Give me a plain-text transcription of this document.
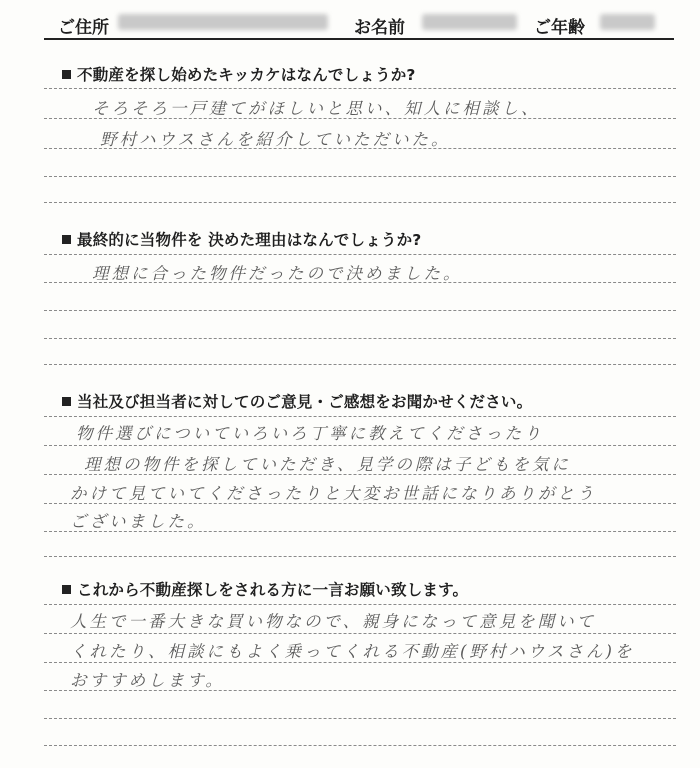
ご住所	お名前	ご年齢
不動産を探し始めたキッカケはなんでしょうか?
そろそろ一戸建てがほしいと思い、知人に相談し、
野村ハウスさんを紹介していただいた。
最終的に当物件を 決めた理由はなんでしょうか?
理想に合った物件だったので決めました。
当社及び担当者に対してのご意見・ご感想をお聞かせください。
物件選びについていろいろ丁寧に教えてくださったり
理想の物件を探していただき、見学の際は子どもを気に
かけて見ていてくださったりと大変お世話になりありがとう
ございました。
これから不動産探しをされる方に一言お願い致します。
人生で一番大きな買い物なので、親身になって意見を聞いて
くれたり、相談にもよく乗ってくれる不動産(野村ハウスさん)を
おすすめします。
